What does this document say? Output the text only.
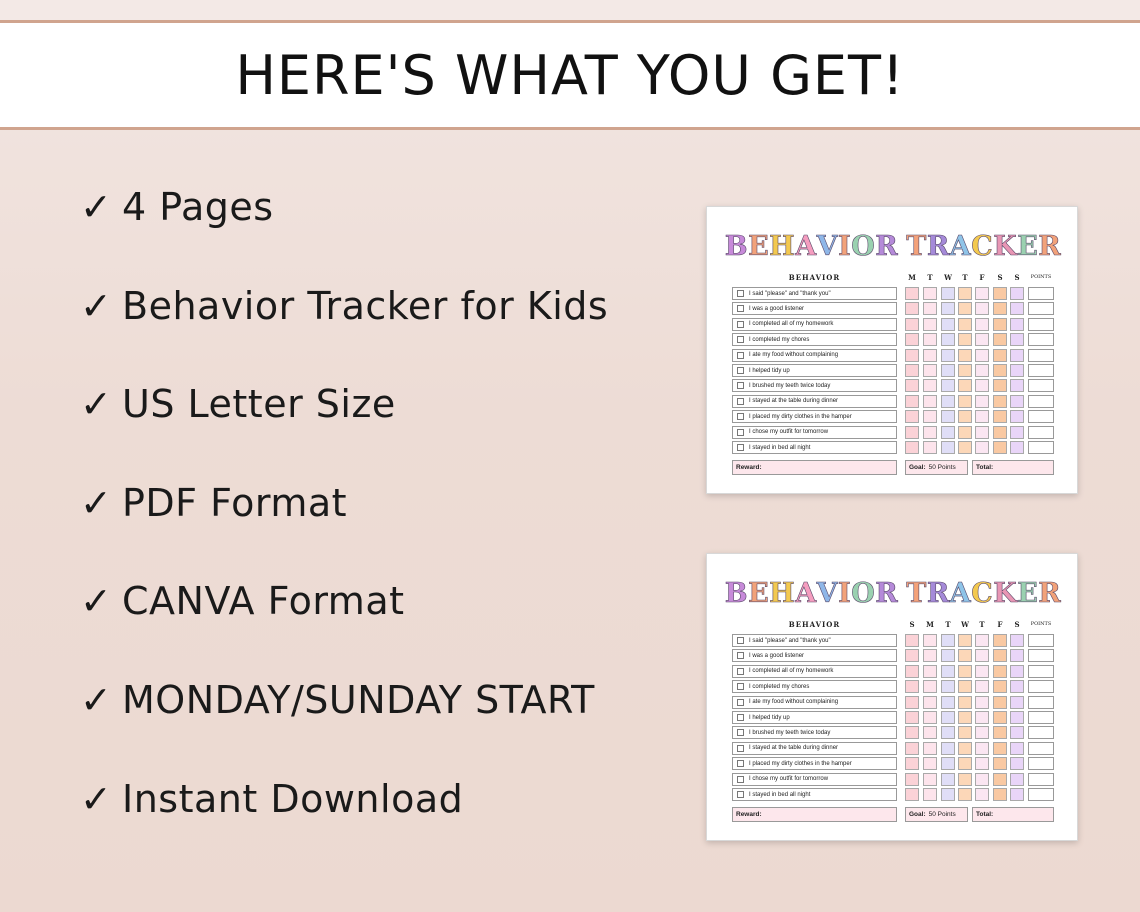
HERE'S WHAT YOU GET!
✓ 4 Pages
✓ Behavior Tracker for Kids
✓ US Letter Size
✓ PDF Format
✓ CANVA Format
✓ MONDAY/SUNDAY START
✓ Instant Download
BEHAVIOR TRACKER
BEHAVIOR	M	T	W	T	F	S	S	POINTS
I said "please" and "thank you"
I was a good listener
I completed all of my homework
I completed my chores
I ate my food without complaining
I helped tidy up
I brushed my teeth twice today
I stayed at the table during dinner
I placed my dirty clothes in the hamper
I chose my outfit for tomorrow
I stayed in bed all night
Reward:	Goal: 50 Points	Total:
BEHAVIOR TRACKER
BEHAVIOR	S	M	T	W	T	F	S	POINTS
I said "please" and "thank you"
I was a good listener
I completed all of my homework
I completed my chores
I ate my food without complaining
I helped tidy up
I brushed my teeth twice today
I stayed at the table during dinner
I placed my dirty clothes in the hamper
I chose my outfit for tomorrow
I stayed in bed all night
Reward:	Goal: 50 Points	Total:
